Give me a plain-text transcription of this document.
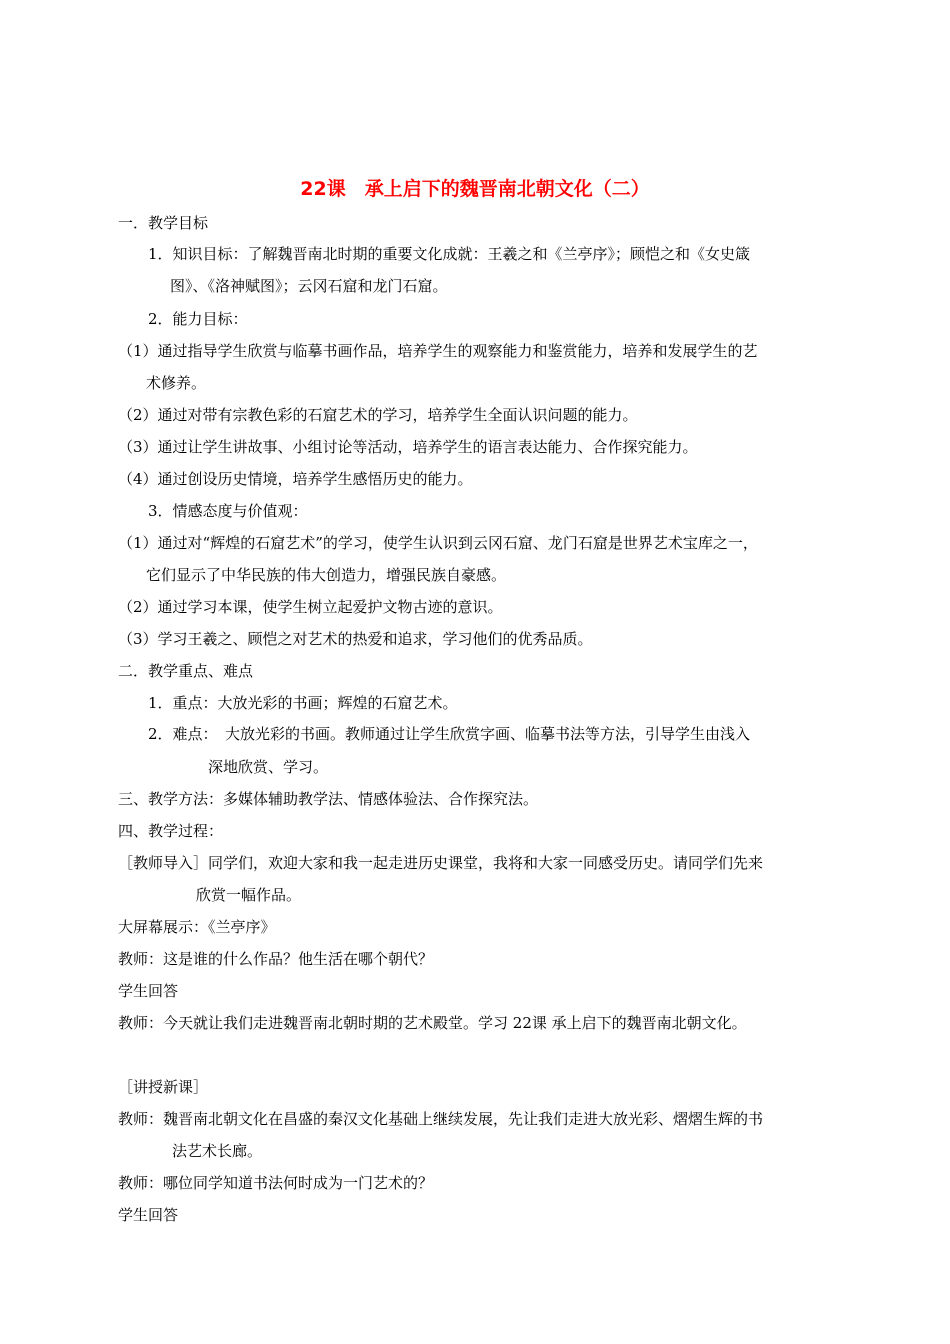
22课　承上启下的魏晋南北朝文化（二）
一．教学目标
1．知识目标：了解魏晋南北时期的重要文化成就：王羲之和《兰亭序》；顾恺之和《女史箴
图》、《洛神赋图》；云冈石窟和龙门石窟。
2．能力目标：
（1）通过指导学生欣赏与临摹书画作品，培养学生的观察能力和鉴赏能力，培养和发展学生的艺
术修养。
（2）通过对带有宗教色彩的石窟艺术的学习，培养学生全面认识问题的能力。
（3）通过让学生讲故事、小组讨论等活动，培养学生的语言表达能力、合作探究能力。
（4）通过创设历史情境，培养学生感悟历史的能力。
3．情感态度与价值观：
（1）通过对“辉煌的石窟艺术”的学习，使学生认识到云冈石窟、龙门石窟是世界艺术宝库之一，
它们显示了中华民族的伟大创造力，增强民族自豪感。
（2）通过学习本课，使学生树立起爱护文物古迹的意识。
（3）学习王羲之、顾恺之对艺术的热爱和追求，学习他们的优秀品质。
二．教学重点、难点
1．重点：大放光彩的书画；辉煌的石窟艺术。
2．难点：　大放光彩的书画。教师通过让学生欣赏字画、临摹书法等方法，引导学生由浅入
深地欣赏、学习。
三、教学方法：多媒体辅助教学法、情感体验法、合作探究法。
四、教学过程：
［教师导入］同学们，欢迎大家和我一起走进历史课堂，我将和大家一同感受历史。请同学们先来
欣赏一幅作品。
大屏幕展示：《兰亭序》
教师：这是谁的什么作品？他生活在哪个朝代？
学生回答
教师：今天就让我们走进魏晋南北朝时期的艺术殿堂。学习 22课 承上启下的魏晋南北朝文化。
［讲授新课］
教师：魏晋南北朝文化在昌盛的秦汉文化基础上继续发展，先让我们走进大放光彩、熠熠生辉的书
法艺术长廊。
教师：哪位同学知道书法何时成为一门艺术的？
学生回答
